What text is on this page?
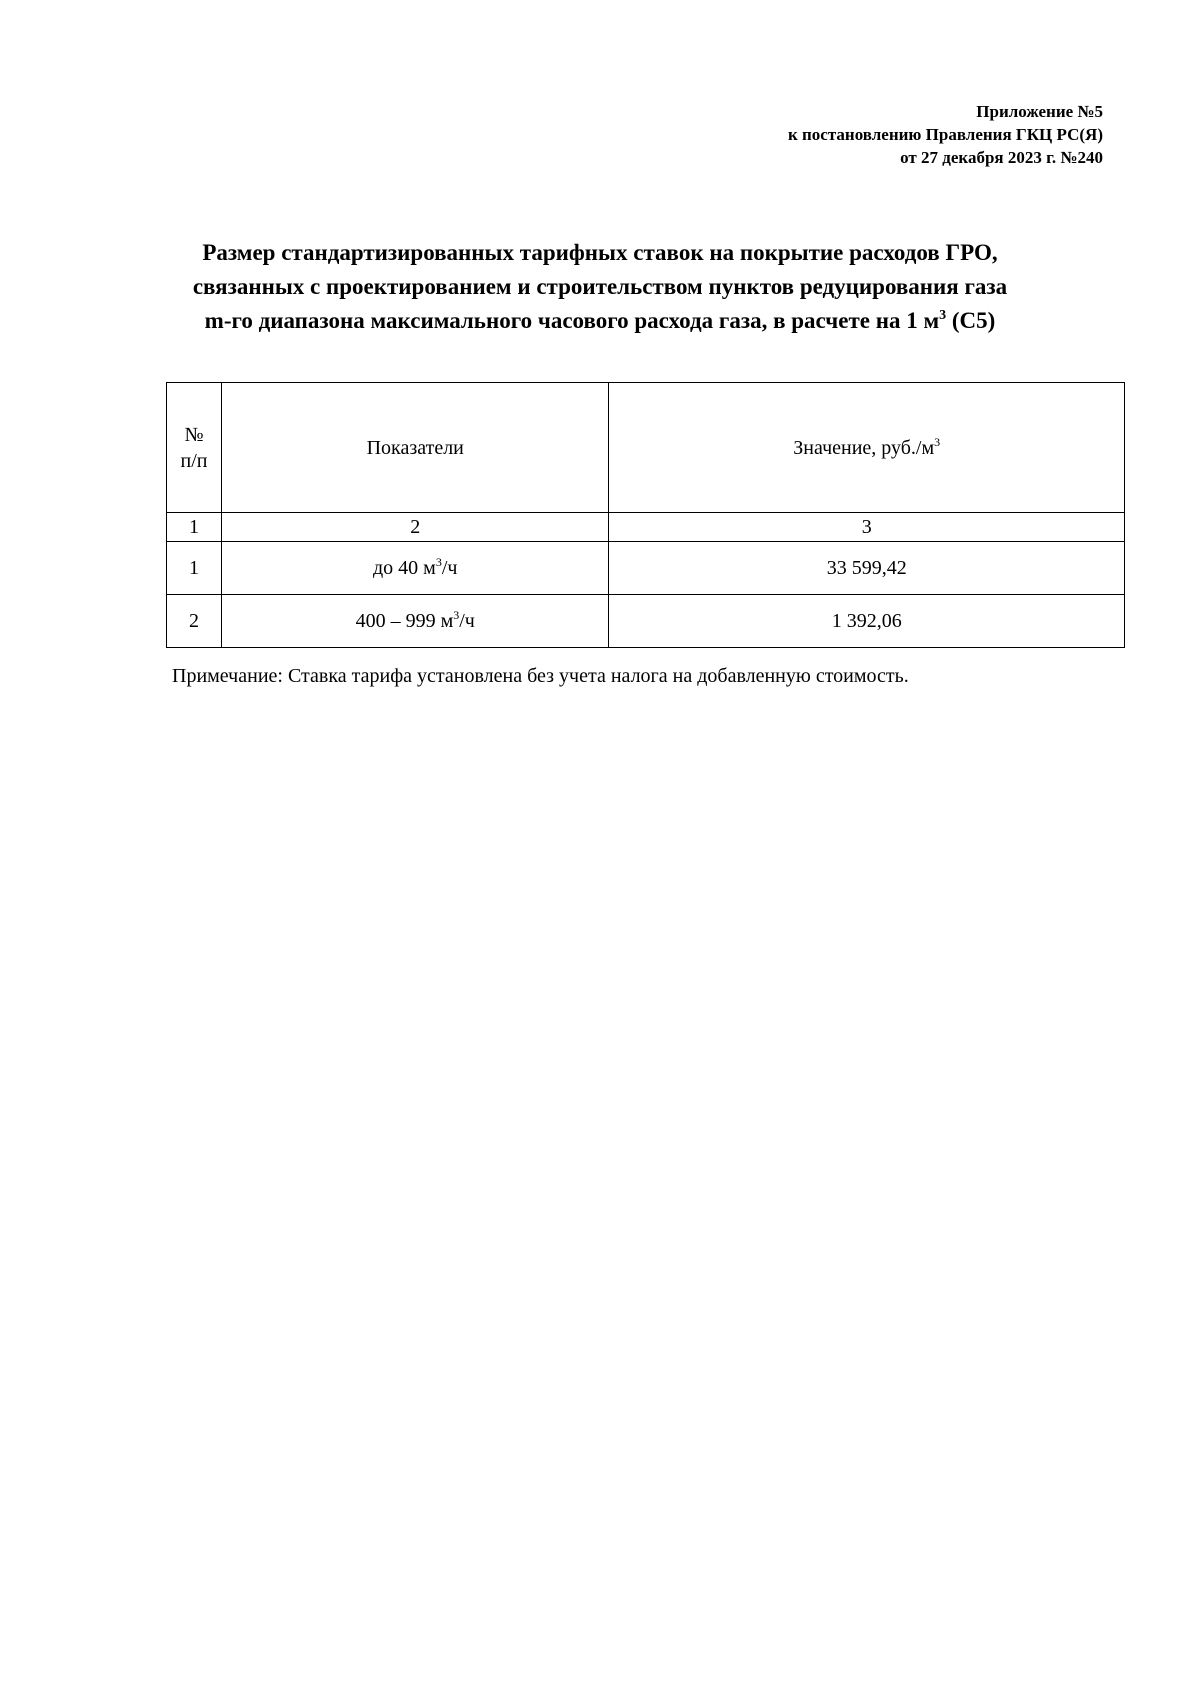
Приложение №5
к постановлению Правления ГКЦ РС(Я)
от 27 декабря 2023 г. №240
Размер стандартизированных тарифных ставок на покрытие расходов ГРО,
связанных с проектированием и строительством пунктов редуцирования газа
m-го диапазона максимального часового расхода газа, в расчете на 1 $м^3$ (С5)
№
п/п	Показатели	Значение, $руб./м^3$
1	2	3
1	до 40 $м^3/ч$	33 599,42
2	400 – 999 $м^3/ч$	1 392,06
Примечание: Ставка тарифа установлена без учета налога на добавленную стоимость.
